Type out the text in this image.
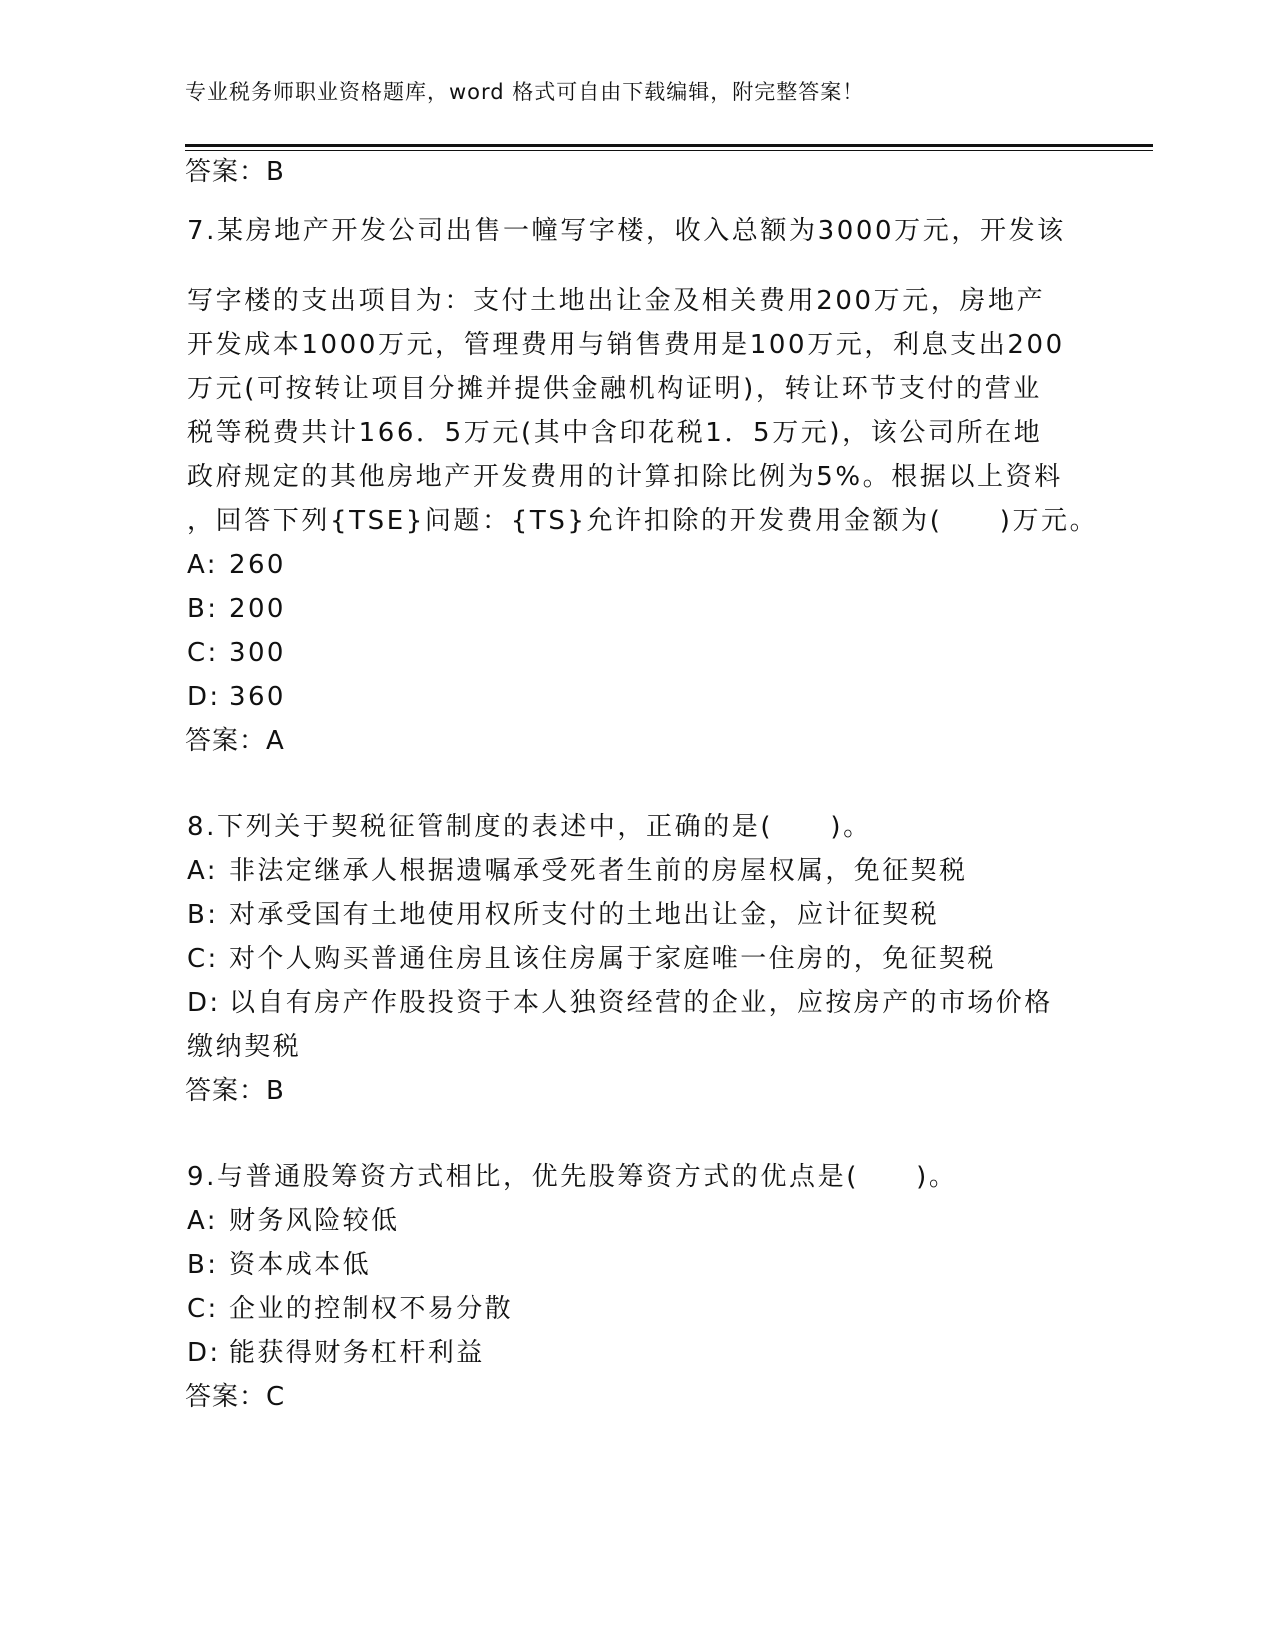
专业税务师职业资格题库，word 格式可自由下载编辑，附完整答案！
答案：B
7.某房地产开发公司出售一幢写字楼，收入总额为3000万元，开发该
写字楼的支出项目为：支付土地出让金及相关费用200万元，房地产
开发成本1000万元，管理费用与销售费用是100万元，利息支出200
万元(可按转让项目分摊并提供金融机构证明)，转让环节支付的营业
税等税费共计166．5万元(其中含印花税1．5万元)，该公司所在地
政府规定的其他房地产开发费用的计算扣除比例为5%。根据以上资料
，回答下列{TSE}问题：{TS}允许扣除的开发费用金额为(　　)万元。
A: 260
B: 200
C: 300
D: 360
答案：A
8.下列关于契税征管制度的表述中，正确的是(　　)。
A: 非法定继承人根据遗嘱承受死者生前的房屋权属，免征契税
B: 对承受国有土地使用权所支付的土地出让金，应计征契税
C: 对个人购买普通住房且该住房属于家庭唯一住房的，免征契税
D: 以自有房产作股投资于本人独资经营的企业，应按房产的市场价格
缴纳契税
答案：B
9.与普通股筹资方式相比，优先股筹资方式的优点是(　　)。
A: 财务风险较低
B: 资本成本低
C: 企业的控制权不易分散
D: 能获得财务杠杆利益
答案：C
